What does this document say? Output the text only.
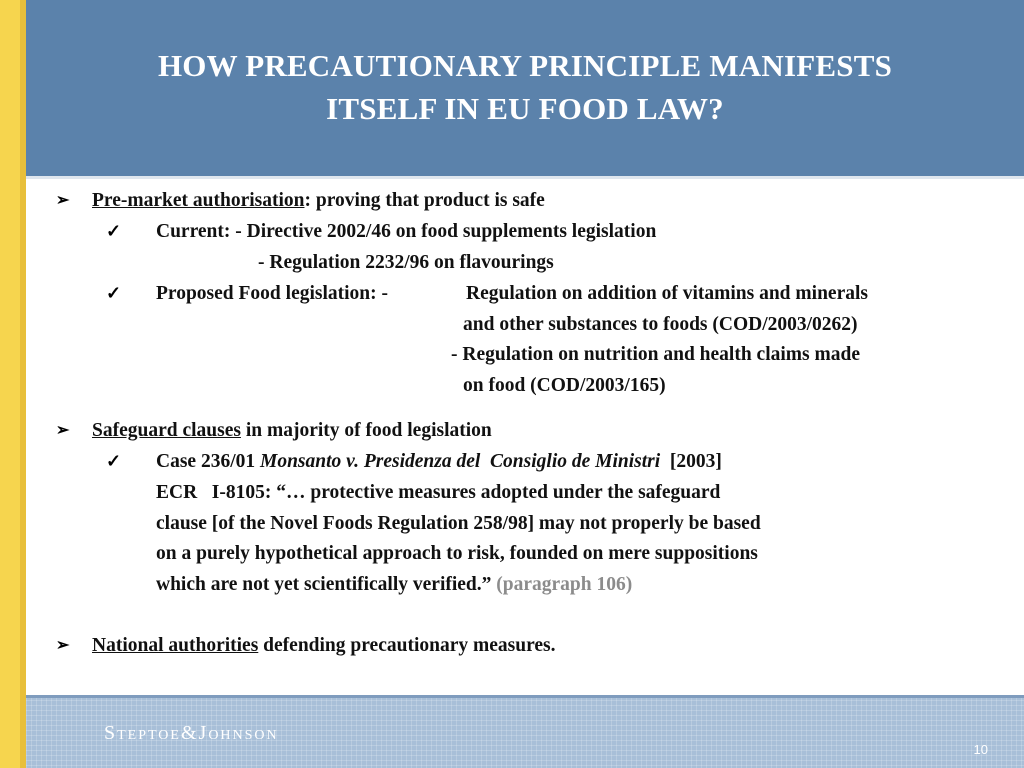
HOW PRECAUTIONARY PRINCIPLE MANIFESTS
ITSELF IN EU FOOD LAW?
➢ Pre-market authorisation: proving that product is safe
✓ Current: - Directive 2002/46 on food supplements legislation
- Regulation 2232/96 on flavourings
✓ Proposed Food legislation: -	Regulation on addition of vitamins and minerals
and other substances to foods (COD/2003/0262)
- Regulation on nutrition and health claims made
on food (COD/2003/165)
➢ Safeguard clauses in majority of food legislation
✓ Case 236/01 Monsanto v. Presidenza del  Consiglio de Ministri  [2003]
ECR   I-8105: “… protective measures adopted under the safeguard
clause [of the Novel Foods Regulation 258/98] may not properly be based
on a purely hypothetical approach to risk, founded on mere suppositions
which are not yet scientifically verified.” (paragraph 106)
➢ National authorities defending precautionary measures.
Steptoe&Johnson
10
